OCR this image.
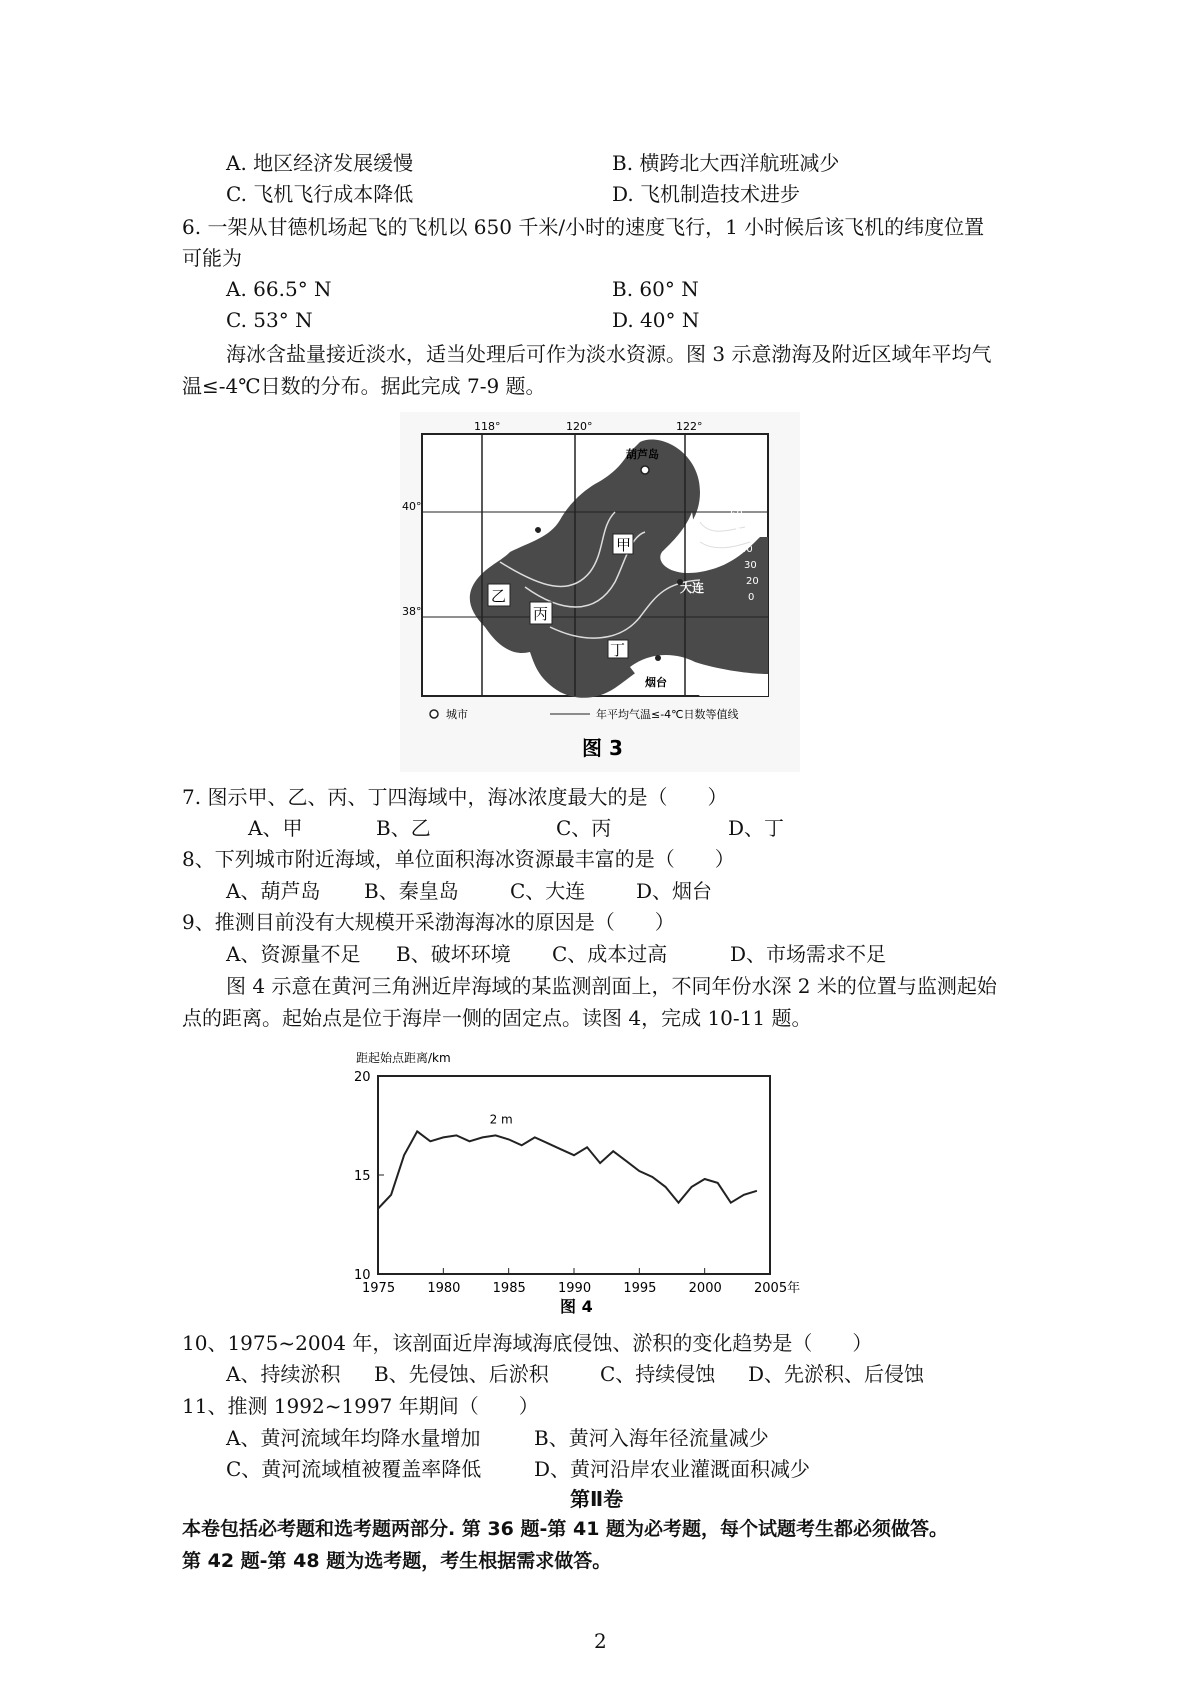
A. 地区经济发展缓慢	B. 横跨北大西洋航班减少
C. 飞机飞行成本降低	D. 飞机制造技术进步
6. 一架从甘德机场起飞的飞机以 650 千米/小时的速度飞行，1 小时候后该飞机的纬度位置
可能为
A. 66.5° N	B. 60° N
C. 53° N	D. 40° N
海冰含盐量接近淡水，适当处理后可作为淡水资源。图 3 示意渤海及附近区域年平均气
温≤-4℃日数的分布。据此完成 7-9 题。
118°	120°	122°
40°
38°
60
50
40
30
20
0
葫芦岛
秦皇岛
大连
烟台
甲
乙
丙
丁
城市	年平均气温≤-4℃日数等值线
图 3
7. 图示甲、乙、丙、丁四海域中，海冰浓度最大的是（　　）
A、甲	B、乙	C、丙	D、丁
8、下列城市附近海域，单位面积海冰资源最丰富的是（　　）
A、葫芦岛 B、秦皇岛	C、大连	D、烟台
9、推测目前没有大规模开采渤海海冰的原因是（　　）
A、资源量不足 B、破坏环境 C、成本过高	D、市场需求不足
图 4 示意在黄河三角洲近岸海域的某监测剖面上，不同年份水深 2 米的位置与监测起始
点的距离。起始点是位于海岸一侧的固定点。读图 4，完成 10-11 题。
距起始点距离/km
10
15
20
1975 1980 1985 1990 1995 2000 2005年
2 m
图 4
10、1975~2004 年，该剖面近岸海域海底侵蚀、淤积的变化趋势是（　　）
A、持续淤积 B、先侵蚀、后淤积	C、持续侵蚀 D、先淤积、后侵蚀
11、推测 1992~1997 年期间（　　）
A、黄河流域年均降水量增加	B、黄河入海年径流量减少
C、黄河流域植被覆盖率降低	D、黄河沿岸农业灌溉面积减少
第Ⅱ卷
本卷包括必考题和选考题两部分. 第 36 题-第 41 题为必考题，每个试题考生都必须做答。
第 42 题-第 48 题为选考题，考生根据需求做答。
2
